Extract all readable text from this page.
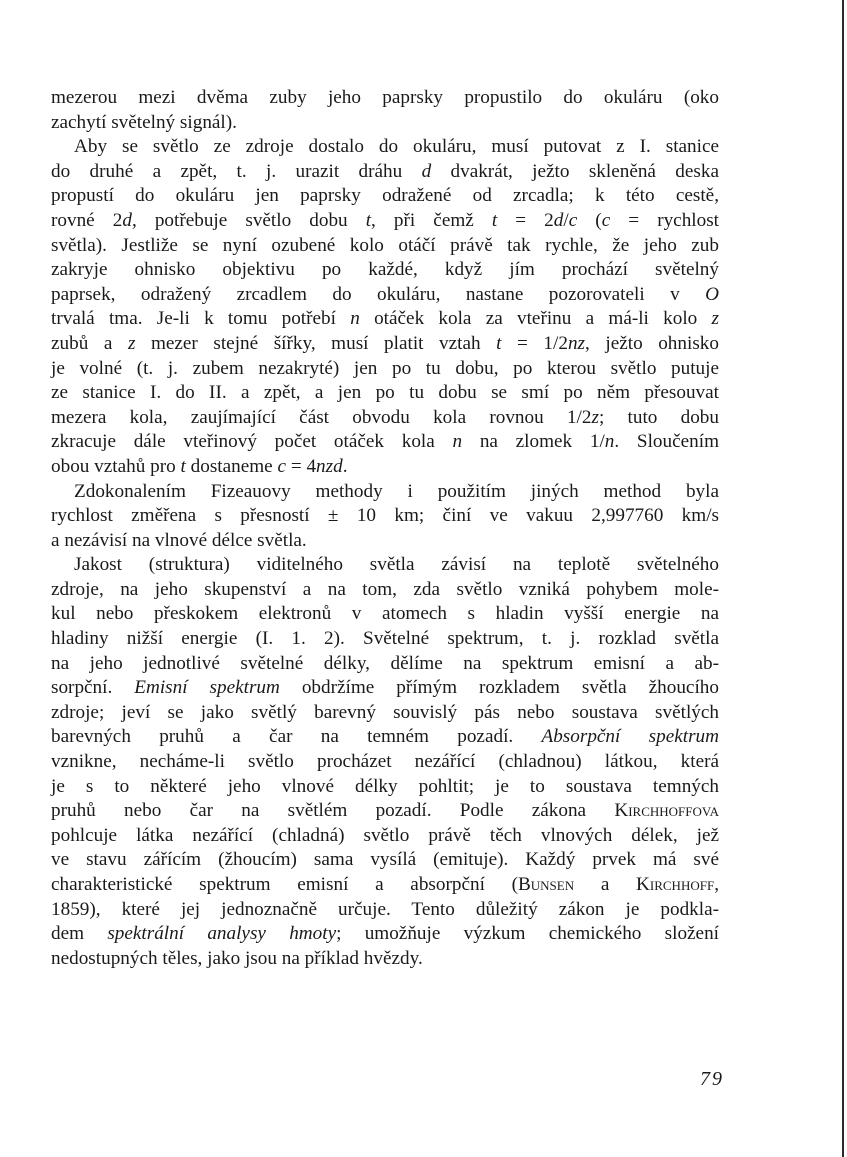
mezerou mezi dvěma zuby jeho paprsky propustilo do okuláru (oko
zachytí světelný signál).
Aby se světlo ze zdroje dostalo do okuláru, musí putovat z I. stanice
do druhé a zpět, t. j. urazit dráhu d dvakrát, ježto skleněná deska
propustí do okuláru jen paprsky odražené od zrcadla; k této cestě,
rovné 2d, potřebuje světlo dobu t, při čemž t = 2d/c (c = rychlost
světla). Jestliže se nyní ozubené kolo otáčí právě tak rychle, že jeho zub
zakryje ohnisko objektivu po každé, když jím prochází světelný
paprsek, odražený zrcadlem do okuláru, nastane pozorovateli v O
trvalá tma. Je-li k tomu potřebí n otáček kola za vteřinu a má-li kolo z
zubů a z mezer stejné šířky, musí platit vztah t = 1/2nz, ježto ohnisko
je volné (t. j. zubem nezakryté) jen po tu dobu, po kterou světlo putuje
ze stanice I. do II. a zpět, a jen po tu dobu se smí po něm přesouvat
mezera kola, zaujímající část obvodu kola rovnou 1/2z; tuto dobu
zkracuje dále vteřinový počet otáček kola n na zlomek 1/n. Sloučením
obou vztahů pro t dostaneme c = 4nzd.
Zdokonalením Fizeauovy methody i použitím jiných method byla
rychlost změřena s přesností ± 10 km; činí ve vakuu 2,997760 km/s
a nezávisí na vlnové délce světla.
Jakost (struktura) viditelného světla závisí na teplotě světelného
zdroje, na jeho skupenství a na tom, zda světlo vzniká pohybem mole-
kul nebo přeskokem elektronů v atomech s hladin vyšší energie na
hladiny nižší energie (I. 1. 2). Světelné spektrum, t. j. rozklad světla
na jeho jednotlivé světelné délky, dělíme na spektrum emisní a ab-
sorpční. Emisní spektrum obdržíme přímým rozkladem světla žhoucího
zdroje; jeví se jako světlý barevný souvislý pás nebo soustava světlých
barevných pruhů a čar na temném pozadí. Absorpční spektrum
vznikne, necháme-li světlo procházet nezářící (chladnou) látkou, která
je s to některé jeho vlnové délky pohltit; je to soustava temných
pruhů nebo čar na světlém pozadí. Podle zákona Kirchhoffova
pohlcuje látka nezářící (chladná) světlo právě těch vlnových délek, jež
ve stavu zářícím (žhoucím) sama vysílá (emituje). Každý prvek má své
charakteristické spektrum emisní a absorpční (Bunsen a Kirchhoff,
1859), které jej jednoznačně určuje. Tento důležitý zákon je podkla-
dem spektrální analysy hmoty; umožňuje výzkum chemického složení
nedostupných těles, jako jsou na příklad hvězdy.
79
